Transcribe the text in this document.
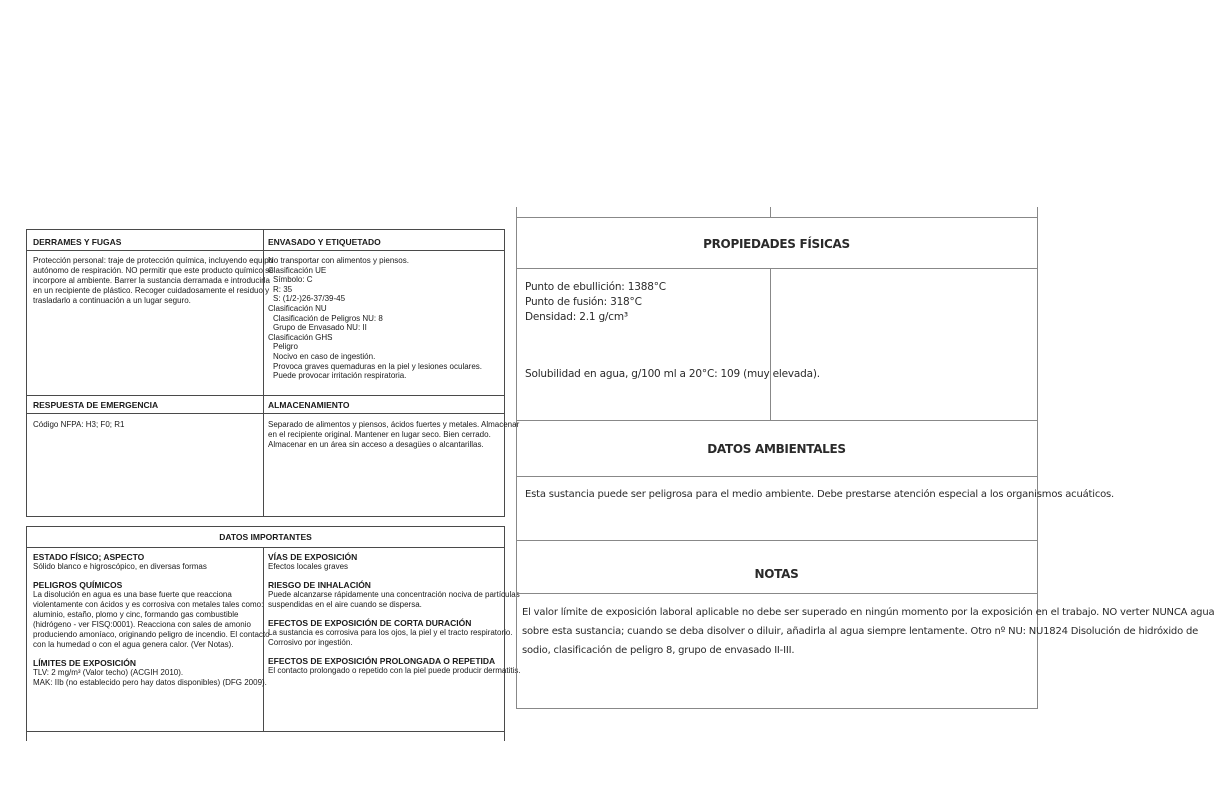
DERRAMES Y FUGAS
Protección personal: traje de protección química, incluyendo equipo
autónomo de respiración. NO permitir que este producto químico se
incorpore al ambiente. Barrer la sustancia derramada e introducirla
en un recipiente de plástico. Recoger cuidadosamente el residuo y
trasladarlo a continuación a un lugar seguro.
ENVASADO Y ETIQUETADO
No transportar con alimentos y piensos.
Clasificación UE
Símbolo: C
R: 35
S: (1/2-)26-37/39-45
Clasificación NU
Clasificación de Peligros NU: 8
Grupo de Envasado NU: II
Clasificación GHS
Peligro
Nocivo en caso de ingestión.
Provoca graves quemaduras en la piel y lesiones oculares.
Puede provocar irritación respiratoria.
RESPUESTA DE EMERGENCIA
Código NFPA: H3; F0; R1
ALMACENAMIENTO
Separado de alimentos y piensos, ácidos fuertes y metales. Almacenar
en el recipiente original. Mantener en lugar seco. Bien cerrado.
Almacenar en un área sin acceso a desagües o alcantarillas.
DATOS IMPORTANTES
ESTADO FÍSICO; ASPECTO
Sólido blanco e higroscópico, en diversas formas
PELIGROS QUÍMICOS
La disolución en agua es una base fuerte que reacciona
violentamente con ácidos y es corrosiva con metales tales como:
aluminio, estaño, plomo y cinc, formando gas combustible
(hidrógeno - ver FISQ:0001). Reacciona con sales de amonio
produciendo amoníaco, originando peligro de incendio. El contacto
con la humedad o con el agua genera calor. (Ver Notas).
LÍMITES DE EXPOSICIÓN
TLV: 2 mg/m³ (Valor techo) (ACGIH 2010).
MAK: IIb (no establecido pero hay datos disponibles) (DFG 2009).
VÍAS DE EXPOSICIÓN
Efectos locales graves
RIESGO DE INHALACIÓN
Puede alcanzarse rápidamente una concentración nociva de partículas
suspendidas en el aire cuando se dispersa.
EFECTOS DE EXPOSICIÓN DE CORTA DURACIÓN
La sustancia es corrosiva para los ojos, la piel y el tracto respiratorio.
Corrosivo por ingestión.
EFECTOS DE EXPOSICIÓN PROLONGADA O REPETIDA
El contacto prolongado o repetido con la piel puede producir dermatitis.
PROPIEDADES FÍSICAS
Punto de ebullición: 1388°C
Punto de fusión: 318°C
Densidad: 2.1 g/cm³
Solubilidad en agua, g/100 ml a 20°C: 109 (muy elevada).
DATOS AMBIENTALES
Esta sustancia puede ser peligrosa para el medio ambiente. Debe prestarse atención especial a los organismos acuáticos.
NOTAS
El valor límite de exposición laboral aplicable no debe ser superado en ningún momento por la exposición en el trabajo. NO verter NUNCA agua
sobre esta sustancia; cuando se deba disolver o diluir, añadirla al agua siempre lentamente. Otro nº NU: NU1824 Disolución de hidróxido de
sodio, clasificación de peligro 8, grupo de envasado II-III.
